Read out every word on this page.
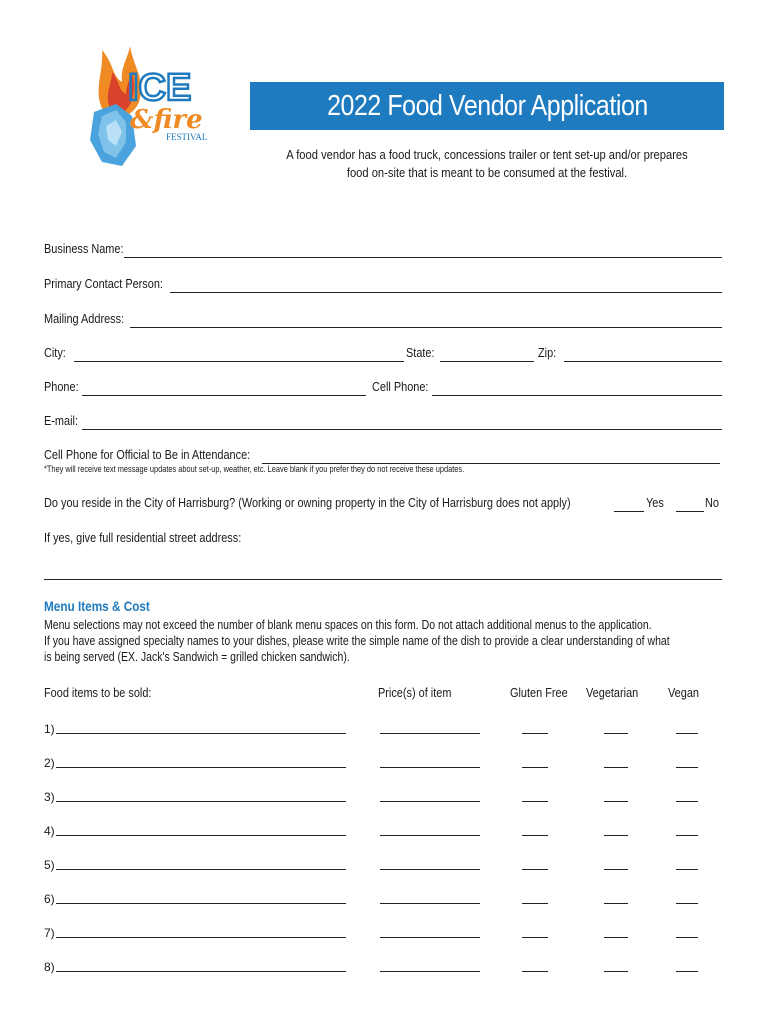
ICE
&fire
FESTIVAL
2022 Food Vendor Application
A food vendor has a food truck, concessions trailer or tent set-up and/or prepares
food on-site that is meant to be consumed at the festival.
Business Name:
Primary Contact Person:
Mailing Address:
City:	State:	Zip:
Phone:	Cell Phone:
E-mail:
Cell Phone for Official to Be in Attendance:
*They will receive text message updates about set-up, weather, etc. Leave blank if you prefer they do not receive these updates.
Do you reside in the City of Harrisburg? (Working or owning property in the City of Harrisburg does not apply)	Yes	No
If yes, give full residential street address:
Menu Items & Cost
Menu selections may not exceed the number of blank menu spaces on this form. Do not attach additional menus to the application.
If you have assigned specialty names to your dishes, please write the simple name of the dish to provide a clear understanding of what
is being served (EX. Jack's Sandwich = grilled chicken sandwich).
Food items to be sold:	Price(s) of item	Gluten Free	Vegetarian	Vegan
1)
2)
3)
4)
5)
6)
7)
8)
